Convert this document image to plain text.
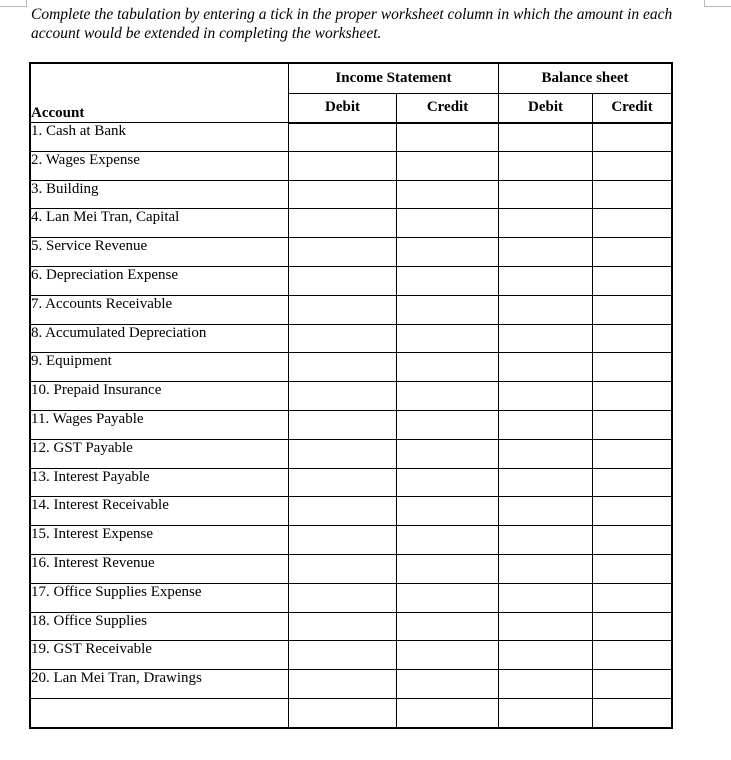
Complete the tabulation by entering a tick in the proper worksheet column in which the amount in each account would be extended in completing the worksheet.
Account	Income Statement		Balance sheet	
	Debit	Credit	Debit	Credit
1. Cash at Bank				
2. Wages Expense				
3. Building				
4. Lan Mei Tran, Capital				
5. Service Revenue				
6. Depreciation Expense				
7. Accounts Receivable				
8. Accumulated Depreciation				
9. Equipment				
10. Prepaid Insurance				
11. Wages Payable				
12. GST Payable				
13. Interest Payable				
14. Interest Receivable				
15. Interest Expense				
16. Interest Revenue				
17. Office Supplies Expense				
18. Office Supplies				
19. GST Receivable				
20. Lan Mei Tran, Drawings				
